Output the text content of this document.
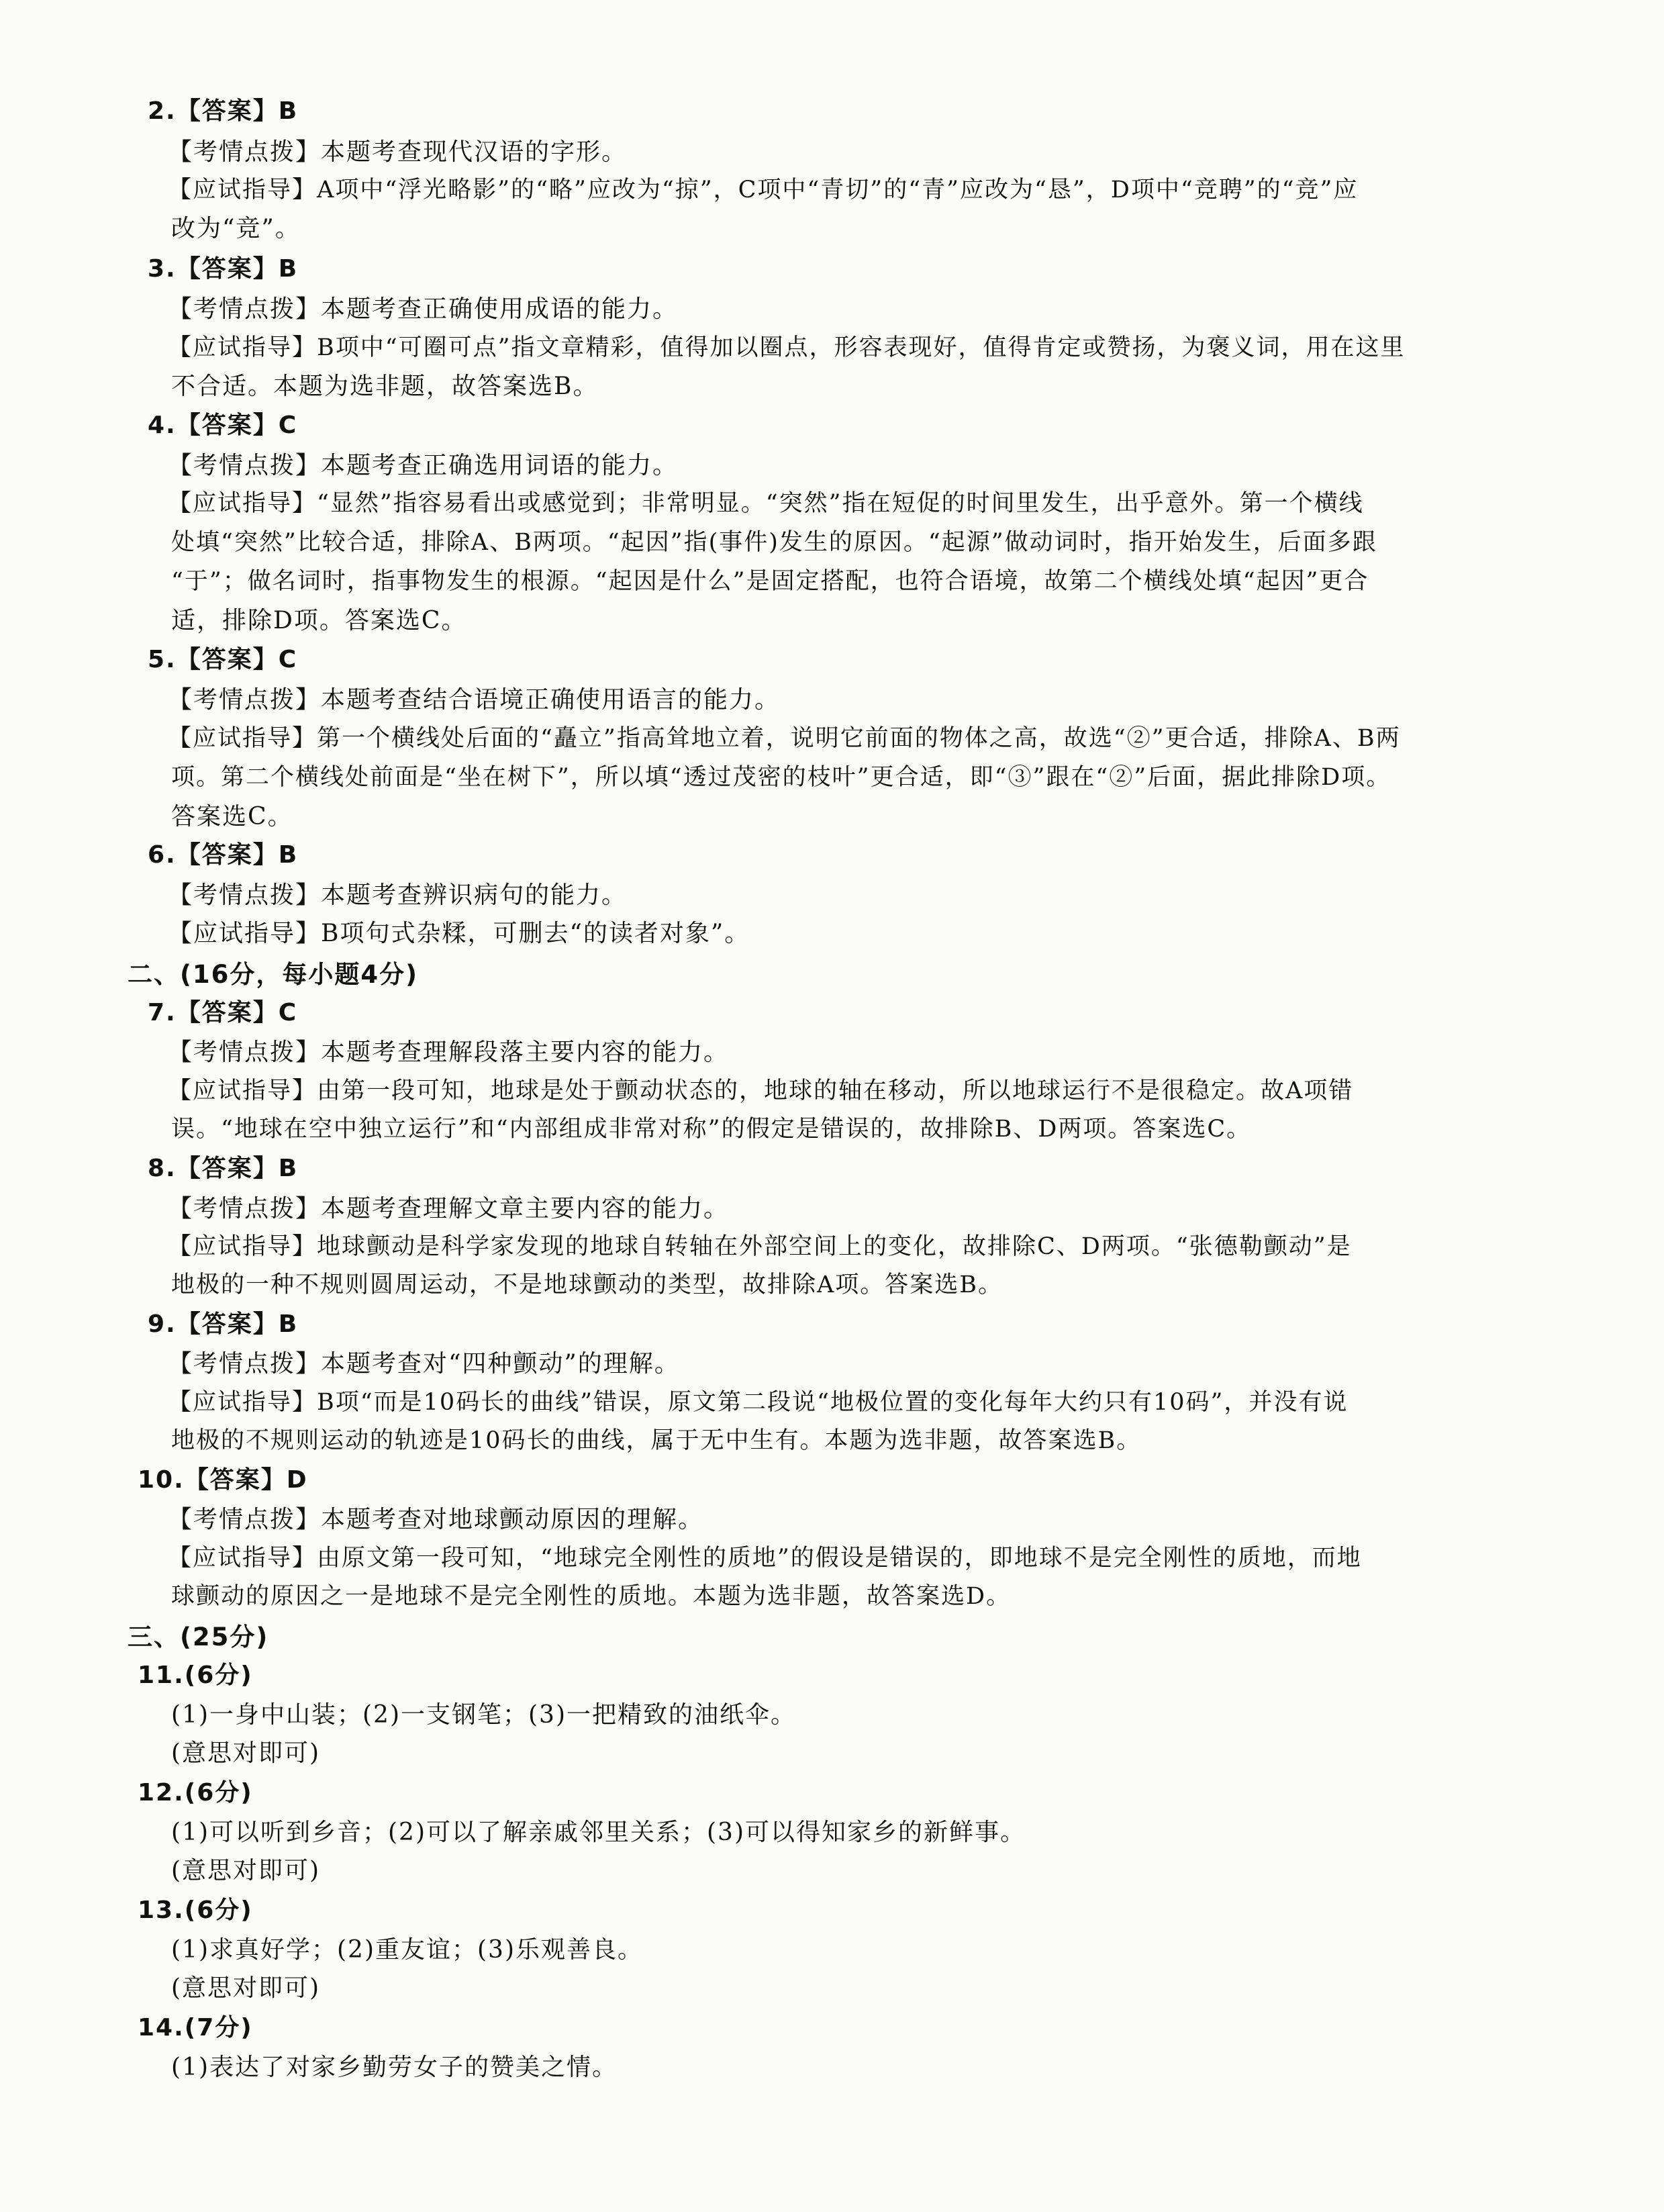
2.【答案】B
【考情点拨】本题考查现代汉语的字形。
【应试指导】A项中“浮光略影”的“略”应改为“掠”，C项中“青切”的“青”应改为“恳”，D项中“竞聘”的“竞”应
改为“竞”。
3.【答案】B
【考情点拨】本题考查正确使用成语的能力。
【应试指导】B项中“可圈可点”指文章精彩，值得加以圈点，形容表现好，值得肯定或赞扬，为褒义词，用在这里
不合适。本题为选非题，故答案选B。
4.【答案】C
【考情点拨】本题考查正确选用词语的能力。
【应试指导】“显然”指容易看出或感觉到；非常明显。“突然”指在短促的时间里发生，出乎意外。第一个横线
处填“突然”比较合适，排除A、B两项。“起因”指(事件)发生的原因。“起源”做动词时，指开始发生，后面多跟
“于”；做名词时，指事物发生的根源。“起因是什么”是固定搭配，也符合语境，故第二个横线处填“起因”更合
适，排除D项。答案选C。
5.【答案】C
【考情点拨】本题考查结合语境正确使用语言的能力。
【应试指导】第一个横线处后面的“矗立”指高耸地立着，说明它前面的物体之高，故选“②”更合适，排除A、B两
项。第二个横线处前面是“坐在树下”，所以填“透过茂密的枝叶”更合适，即“③”跟在“②”后面，据此排除D项。
答案选C。
6.【答案】B
【考情点拨】本题考查辨识病句的能力。
【应试指导】B项句式杂糅，可删去“的读者对象”。
二、(16分，每小题4分)
7.【答案】C
【考情点拨】本题考查理解段落主要内容的能力。
【应试指导】由第一段可知，地球是处于颤动状态的，地球的轴在移动，所以地球运行不是很稳定。故A项错
误。“地球在空中独立运行”和“内部组成非常对称”的假定是错误的，故排除B、D两项。答案选C。
8.【答案】B
【考情点拨】本题考查理解文章主要内容的能力。
【应试指导】地球颤动是科学家发现的地球自转轴在外部空间上的变化，故排除C、D两项。“张德勒颤动”是
地极的一种不规则圆周运动，不是地球颤动的类型，故排除A项。答案选B。
9.【答案】B
【考情点拨】本题考查对“四种颤动”的理解。
【应试指导】B项“而是10码长的曲线”错误，原文第二段说“地极位置的变化每年大约只有10码”，并没有说
地极的不规则运动的轨迹是10码长的曲线，属于无中生有。本题为选非题，故答案选B。
10.【答案】D
【考情点拨】本题考查对地球颤动原因的理解。
【应试指导】由原文第一段可知，“地球完全刚性的质地”的假设是错误的，即地球不是完全刚性的质地，而地
球颤动的原因之一是地球不是完全刚性的质地。本题为选非题，故答案选D。
三、(25分)
11.(6分)
(1)一身中山装；(2)一支钢笔；(3)一把精致的油纸伞。
(意思对即可)
12.(6分)
(1)可以听到乡音；(2)可以了解亲戚邻里关系；(3)可以得知家乡的新鲜事。
(意思对即可)
13.(6分)
(1)求真好学；(2)重友谊；(3)乐观善良。
(意思对即可)
14.(7分)
(1)表达了对家乡勤劳女子的赞美之情。
